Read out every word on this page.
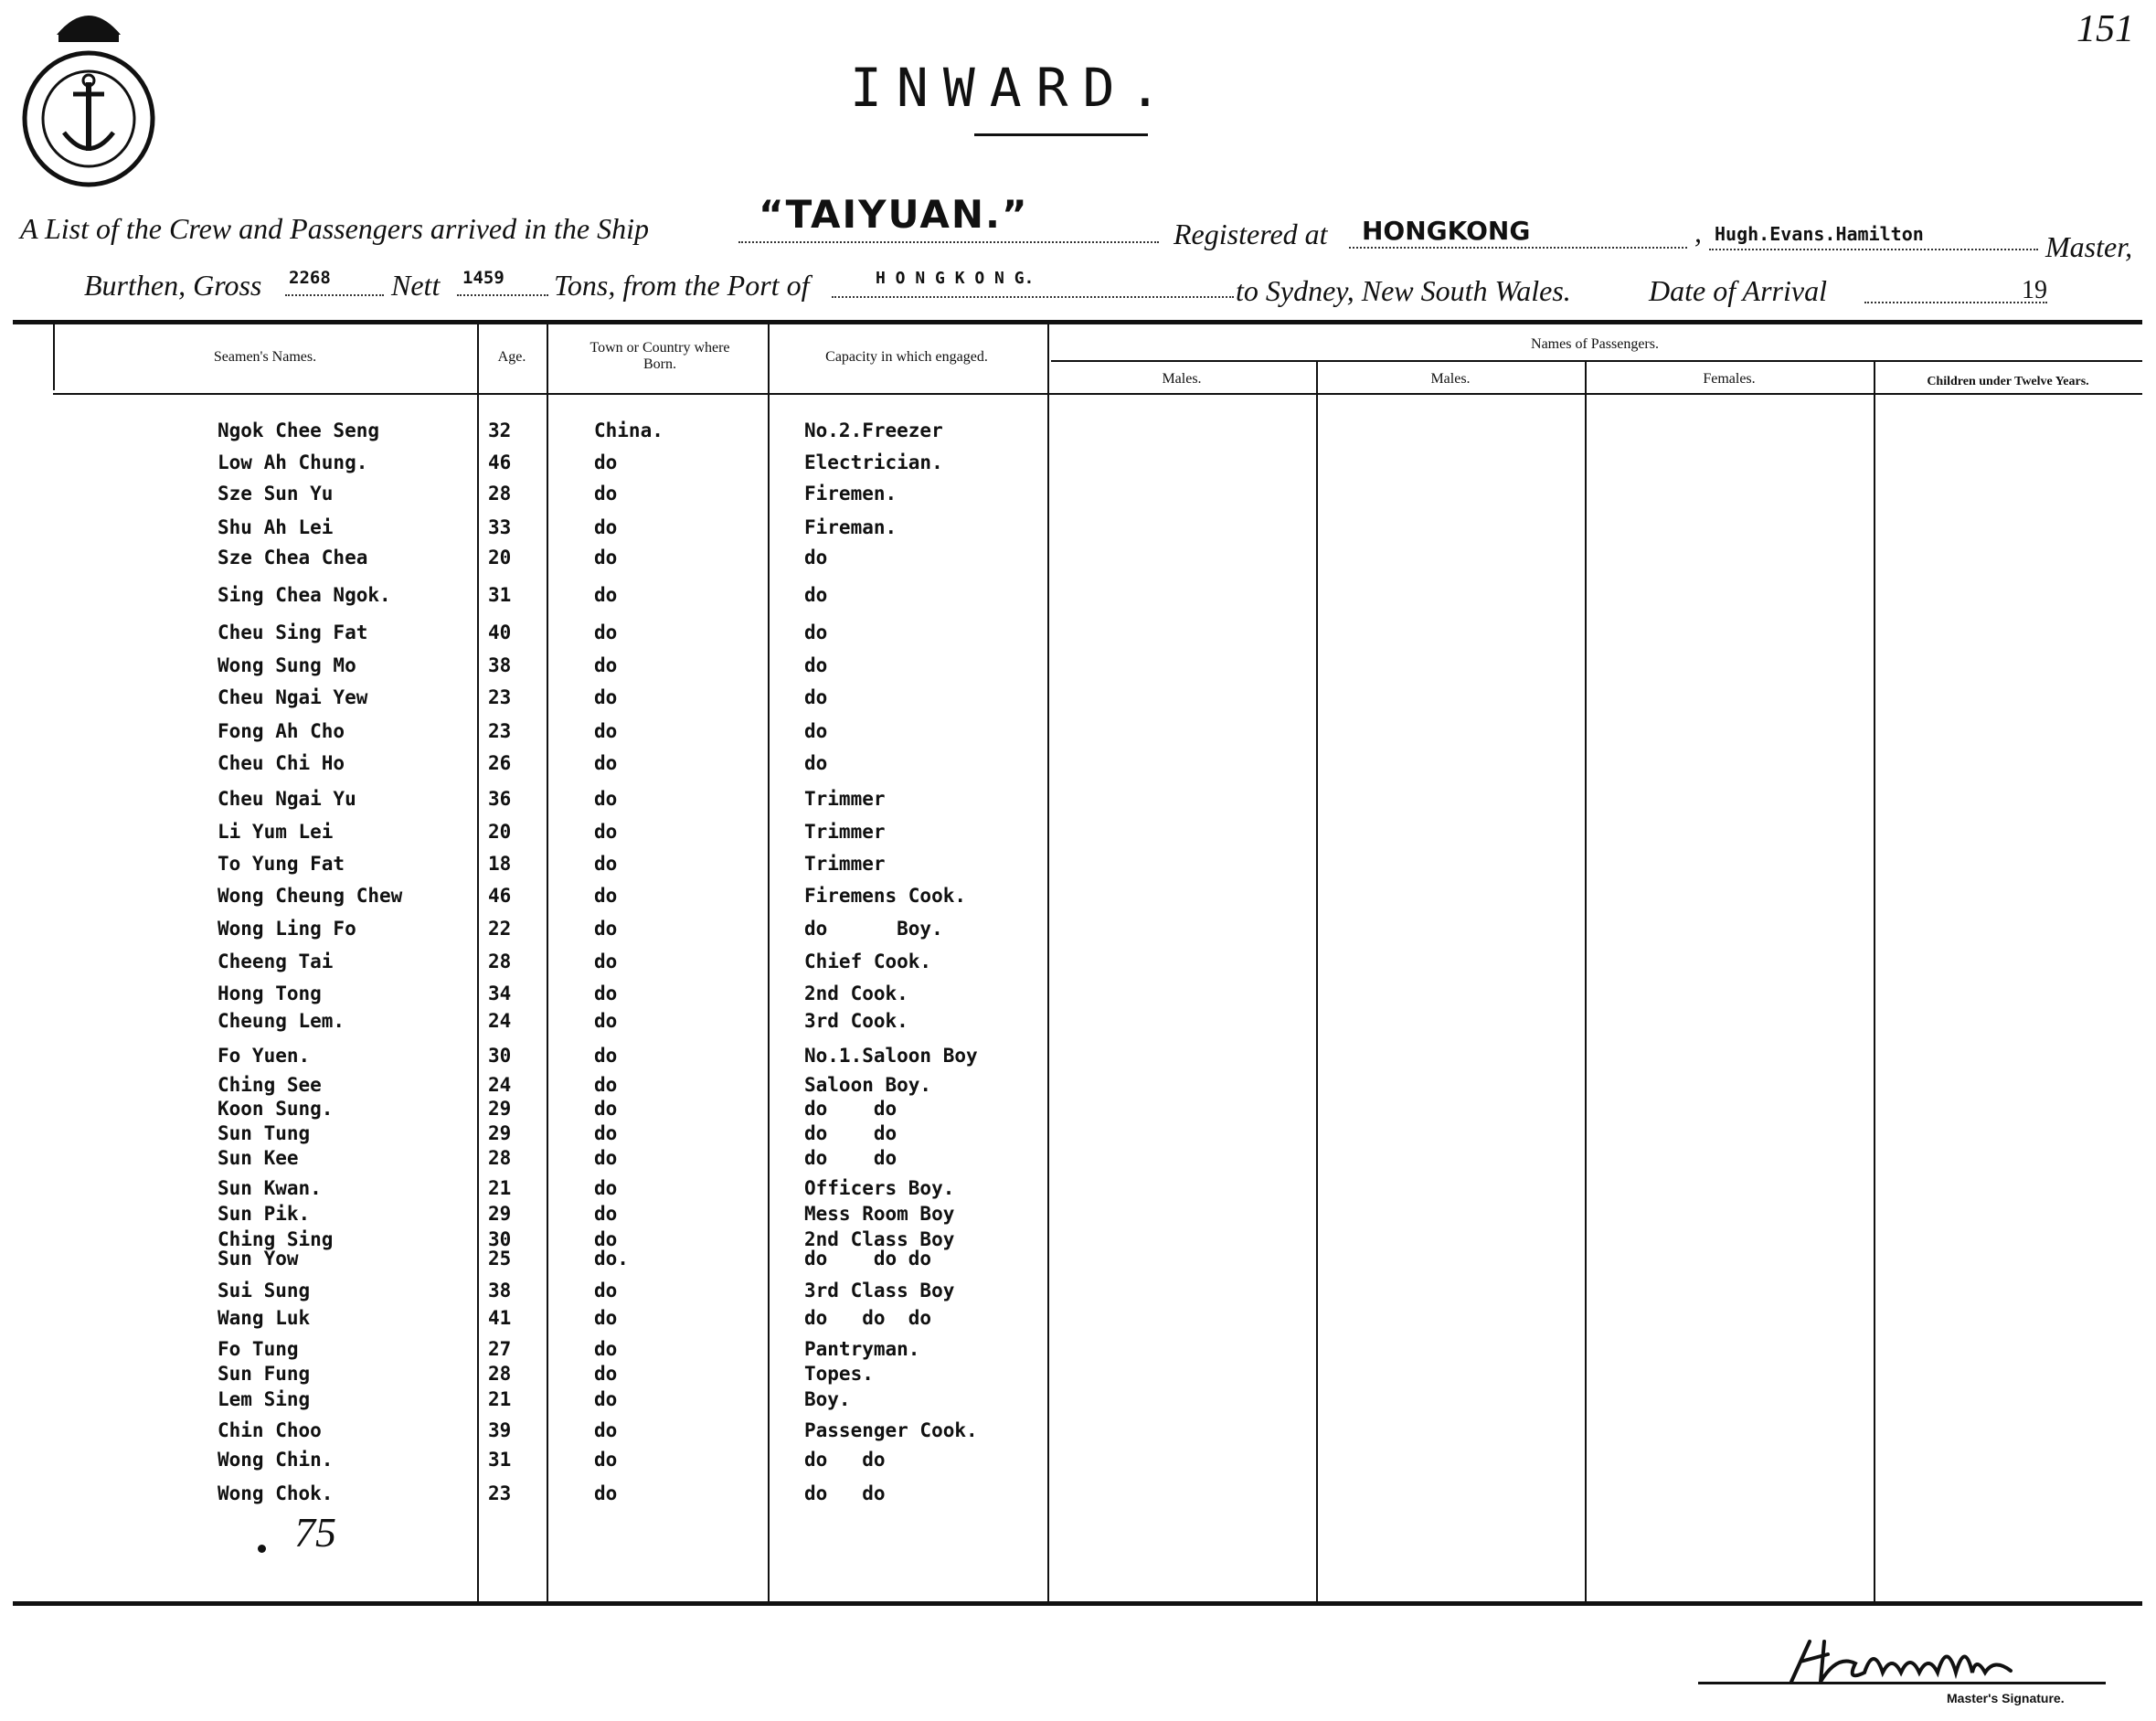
151
INWARD.
A List of the Crew and Passengers arrived in the Ship	“TAIYUAN.”	Registered at HONGKONG	, Hugh.Evans.Hamilton	Master,
Burthen, Gross 2268 Nett 1459 Tons, from the Port of	H O N G K O N G.	to Sydney, New South Wales.	Date of Arrival	19
Seamen's Names.	Age.
Town or Country where Born.	Capacity in which engaged.
Names of Passengers.
Males.	Males.	Females.	Children under Twelve Years.
Ngok Chee Seng	32	China.	No.2.Freezer
Low Ah Chung.	46	do	Electrician.
Sze Sun Yu	28	do	Firemen.
Shu Ah Lei	33	do	Fireman.
Sze Chea Chea	20	do	do
Sing Chea Ngok.	31	do	do
Cheu Sing Fat	40	do	do
Wong Sung Mo	38	do	do
Cheu Ngai Yew	23	do	do
Fong Ah Cho	23	do	do
Cheu Chi Ho	26	do	do
Cheu Ngai Yu	36	do	Trimmer
Li Yum Lei	20	do	Trimmer
To Yung Fat	18	do	Trimmer
Wong Cheung Chew	46	do	Firemens Cook.
Wong Ling Fo	22	do	do      Boy.
Cheeng Tai	28	do	Chief Cook.
Hong Tong	34	do	2nd Cook.
Cheung Lem.	24	do	3rd Cook.
Fo Yuen.	30	do	No.1.Saloon Boy
Ching See	24	do	Saloon Boy.
Koon Sung.	29	do	do    do
Sun Tung	29	do	do    do
Sun Kee	28	do	do    do
Sun Kwan.	21	do	Officers Boy.
Sun Pik.	29	do	Mess Room Boy
Ching Sing	30	do	2nd Class Boy
Sun Yow	25	do.	do    do do
Sui Sung	38	do	3rd Class Boy
Wang Luk	41	do	do   do  do
Fo Tung	27	do	Pantryman.
Sun Fung	28	do	Topes.
Lem Sing	21	do	Boy.
Chin Choo	39	do	Passenger Cook.
Wong Chin.	31	do	do   do
Wong Chok.	23	do	do   do
75
Master's Signature.
